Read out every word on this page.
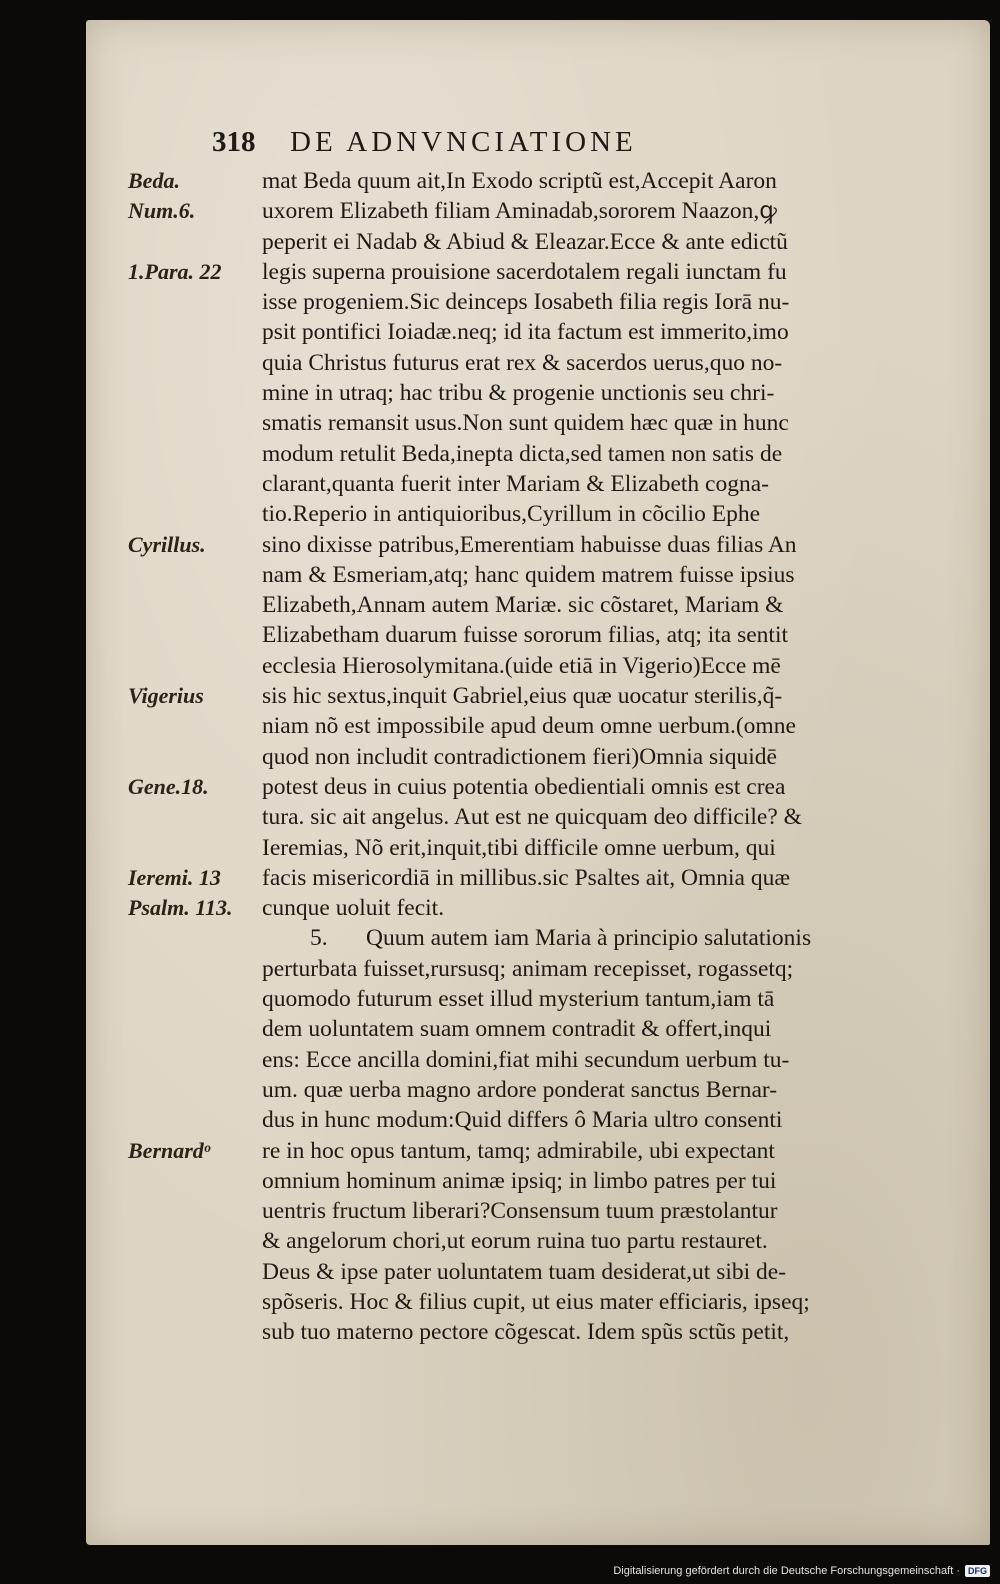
318 DE ADNVNCIATIONE
Beda.
Num.6.
1.Para. 22
Cyrillus.
Vigerius
Gene.18.
Ieremi. 13
Psalm. 113.
Bernardᵒ
mat Beda quum ait,In Exodo scriptũ est,Accepit Aaron
uxorem Elizabeth filiam Aminadab,sororem Naazon,ꝙ
peperit ei Nadab & Abiud & Eleazar.Ecce & ante edictũ
legis superna prouisione sacerdotalem regali iunctam fu
isse progeniem.Sic deinceps Iosabeth filia regis Iorā nu-
psit pontifici Ioiadæ.neq; id ita factum est immerito,imo
quia Christus futurus erat rex & sacerdos uerus,quo no-
mine in utraq; hac tribu & progenie unctionis seu chri-
smatis remansit usus.Non sunt quidem hæc quæ in hunc
modum retulit Beda,inepta dicta,sed tamen non satis de
clarant,quanta fuerit inter Mariam & Elizabeth cogna-
tio.Reperio in antiquioribus,Cyrillum in cõcilio Ephe
sino dixisse patribus,Emerentiam habuisse duas filias An
nam & Esmeriam,atq; hanc quidem matrem fuisse ipsius
Elizabeth,Annam autem Mariæ. sic cõstaret, Mariam &
Elizabetham duarum fuisse sororum filias, atq; ita sentit
ecclesia Hierosolymitana.(uide etiā in Vigerio)Ecce mē
sis hic sextus,inquit Gabriel,eius quæ uocatur sterilis,q̃-
niam nõ est impossibile apud deum omne uerbum.(omne
quod non includit contradictionem fieri)Omnia siquidē
potest deus in cuius potentia obedientiali omnis est crea
tura. sic ait angelus. Aut est ne quicquam deo difficile? &
Ieremias, Nõ erit,inquit,tibi difficile omne uerbum, qui
facis misericordiā in millibus.sic Psaltes ait, Omnia quæ
cunque uoluit fecit.
5. Quum autem iam Maria à principio salutationis
perturbata fuisset,rursusq; animam recepisset, rogassetq;
quomodo futurum esset illud mysterium tantum,iam tā
dem uoluntatem suam omnem contradit & offert,inqui
ens: Ecce ancilla domini,fiat mihi secundum uerbum tu-
um. quæ uerba magno ardore ponderat sanctus Bernar-
dus in hunc modum:Quid differs ô Maria ultro consenti
re in hoc opus tantum, tamq; admirabile, ubi expectant
omnium hominum animæ ipsiq; in limbo patres per tui
uentris fructum liberari?Consensum tuum præstolantur
& angelorum chori,ut eorum ruina tuo partu restauret.
Deus & ipse pater uoluntatem tuam desiderat,ut sibi de-
spõseris. Hoc & filius cupit, ut eius mater efficiaris, ipseq;
sub tuo materno pectore cõgescat. Idem spũs sctũs petit,
Digitalisierung gefördert durch die Deutsche Forschungsgemeinschaft · DFG
